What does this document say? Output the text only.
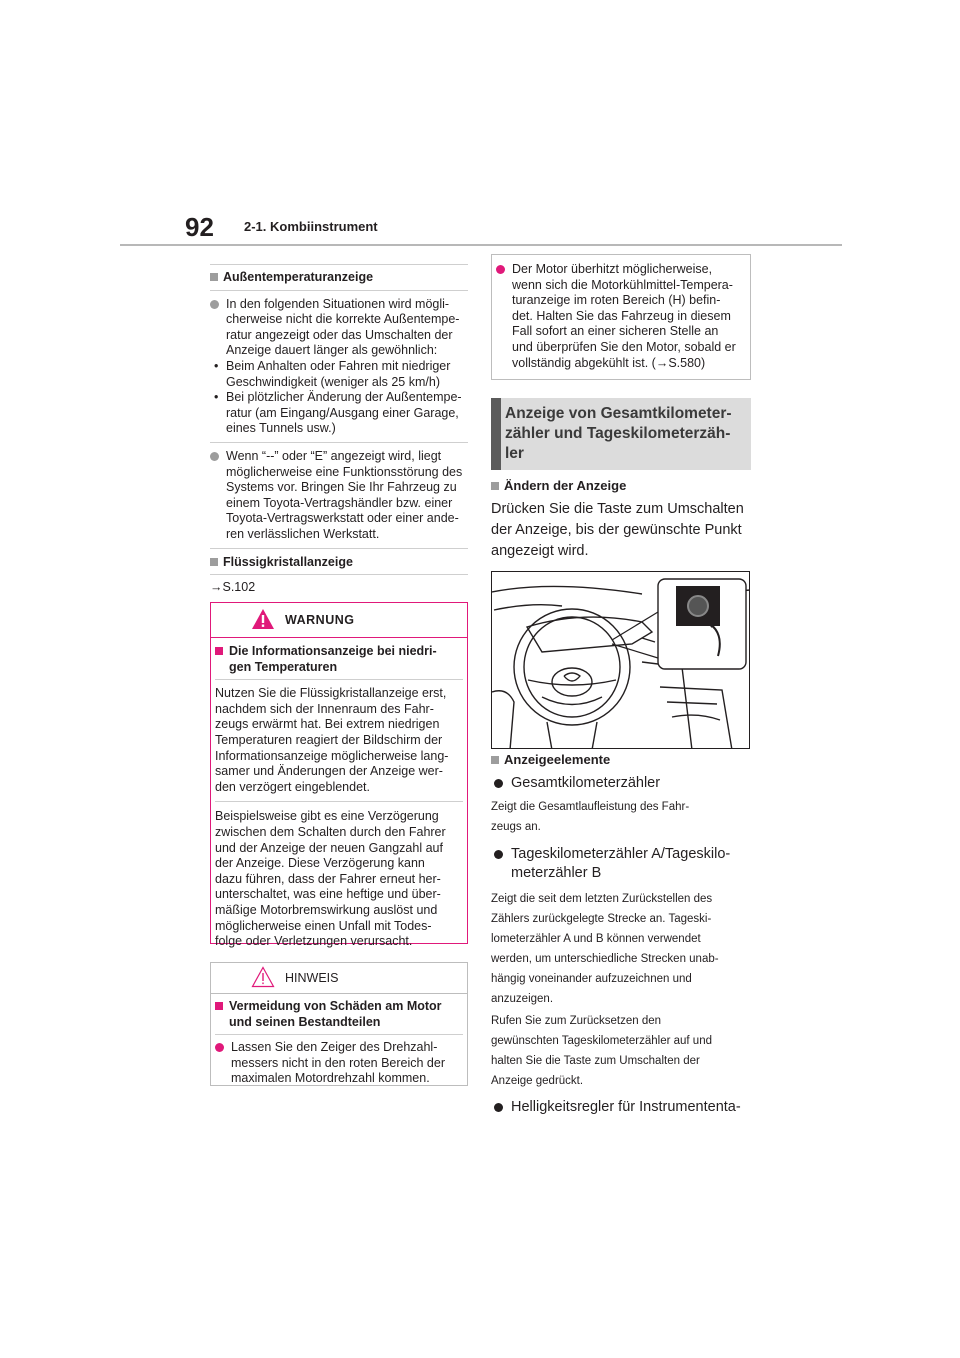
92 2-1. Kombiinstrument
Außentemperaturanzeige
In den folgenden Situationen wird mögli-
cherweise nicht die korrekte Außentempe-
ratur angezeigt oder das Umschalten der
Anzeige dauert länger als gewöhnlich:
• Beim Anhalten oder Fahren mit niedriger
Geschwindigkeit (weniger als 25 km/h)
• Bei plötzlicher Änderung der Außentempe-
ratur (am Eingang/Ausgang einer Garage,
eines Tunnels usw.)
Wenn “--” oder “E” angezeigt wird, liegt
möglicherweise eine Funktionsstörung des
Systems vor. Bringen Sie Ihr Fahrzeug zu
einem Toyota-Vertragshändler bzw. einer
Toyota-Vertragswerkstatt oder einer ande-
ren verlässlichen Werkstatt.
Flüssigkristallanzeige
→S.102
WARNUNG
Die Informationsanzeige bei niedri-
gen Temperaturen
Nutzen Sie die Flüssigkristallanzeige erst,
nachdem sich der Innenraum des Fahr-
zeugs erwärmt hat. Bei extrem niedrigen
Temperaturen reagiert der Bildschirm der
Informationsanzeige möglicherweise lang-
samer und Änderungen der Anzeige wer-
den verzögert eingeblendet.
Beispielsweise gibt es eine Verzögerung
zwischen dem Schalten durch den Fahrer
und der Anzeige der neuen Gangzahl auf
der Anzeige. Diese Verzögerung kann
dazu führen, dass der Fahrer erneut her-
unterschaltet, was eine heftige und über-
mäßige Motorbremswirkung auslöst und
möglicherweise einen Unfall mit Todes-
folge oder Verletzungen verursacht.
HINWEIS
Vermeidung von Schäden am Motor
und seinen Bestandteilen
Lassen Sie den Zeiger des Drehzahl-
messers nicht in den roten Bereich der
maximalen Motordrehzahl kommen.
Der Motor überhitzt möglicherweise,
wenn sich die Motorkühlmittel-Tempera-
turanzeige im roten Bereich (H) befin-
det. Halten Sie das Fahrzeug in diesem
Fall sofort an einer sicheren Stelle an
und überprüfen Sie den Motor, sobald er
vollständig abgekühlt ist. (→S.580)
Anzeige von Gesamtkilometer-
zähler und Tageskilometerzäh-
ler
Ändern der Anzeige
Drücken Sie die Taste zum Umschalten
der Anzeige, bis der gewünschte Punkt
angezeigt wird.
Anzeigeelemente
Gesamtkilometerzähler
Zeigt die Gesamtlaufleistung des Fahr-
zeugs an.
Tageskilometerzähler A/Tageskilo-
meterzähler B
Zeigt die seit dem letzten Zurückstellen des
Zählers zurückgelegte Strecke an. Tageski-
lometerzähler A und B können verwendet
werden, um unterschiedliche Strecken unab-
hängig voneinander aufzuzeichnen und
anzuzeigen.
Rufen Sie zum Zurücksetzen den
gewünschten Tageskilometerzähler auf und
halten Sie die Taste zum Umschalten der
Anzeige gedrückt.
Helligkeitsregler für Instrumententa-
